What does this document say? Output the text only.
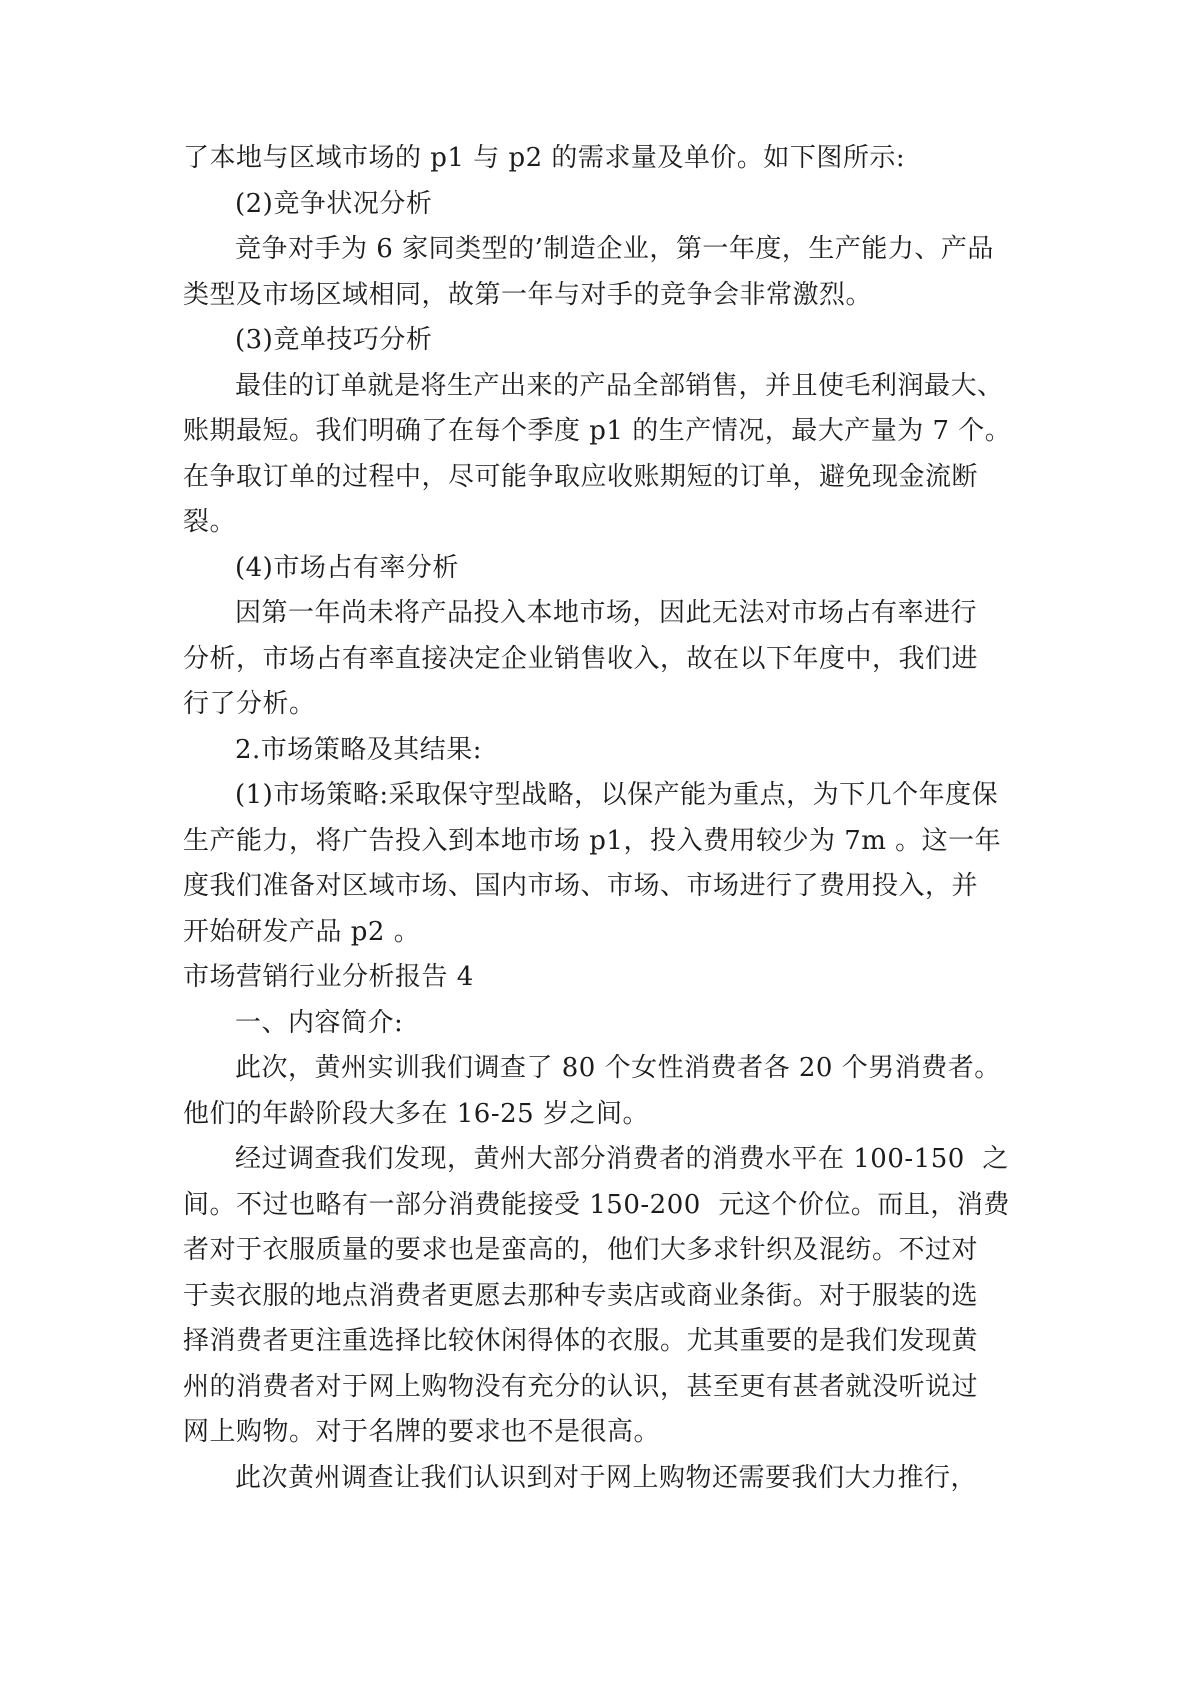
了本地与区域市场的 p1 与 p2 的需求量及单价。如下图所示:

(2)竞争状况分析

竞争对手为 6 家同类型的’制造企业，第一年度，生产能力、产品
类型及市场区域相同，故第一年与对手的竞争会非常激烈。

(3)竞单技巧分析

最佳的订单就是将生产出来的产品全部销售，并且使毛利润最大、
账期最短。我们明确了在每个季度 p1 的生产情况，最大产量为 7 个。
在争取订单的过程中，尽可能争取应收账期短的订单，避免现金流断
裂。

(4)市场占有率分析

因第一年尚未将产品投入本地市场，因此无法对市场占有率进行
分析，市场占有率直接决定企业销售收入，故在以下年度中，我们进
行了分析。

2.市场策略及其结果:

(1)市场策略:采取保守型战略，以保产能为重点，为下几个年度保
生产能力，将广告投入到本地市场 p1，投入费用较少为 7m 。这一年
度我们准备对区域市场、国内市场、市场、市场进行了费用投入，并
开始研发产品 p2 。

市场营销行业分析报告 4

一、内容简介:

此次，黄州实训我们调查了 80 个女性消费者各 20 个男消费者。
他们的年龄阶段大多在 16-25 岁之间。

经过调查我们发现，黄州大部分消费者的消费水平在 100-150  之
间。不过也略有一部分消费能接受 150-200  元这个价位。而且，消费
者对于衣服质量的要求也是蛮高的，他们大多求针织及混纺。不过对
于卖衣服的地点消费者更愿去那种专卖店或商业条街。对于服装的选
择消费者更注重选择比较休闲得体的衣服。尤其重要的是我们发现黄
州的消费者对于网上购物没有充分的认识，甚至更有甚者就没听说过
网上购物。对于名牌的要求也不是很高。

此次黄州调查让我们认识到对于网上购物还需要我们大力推行，
